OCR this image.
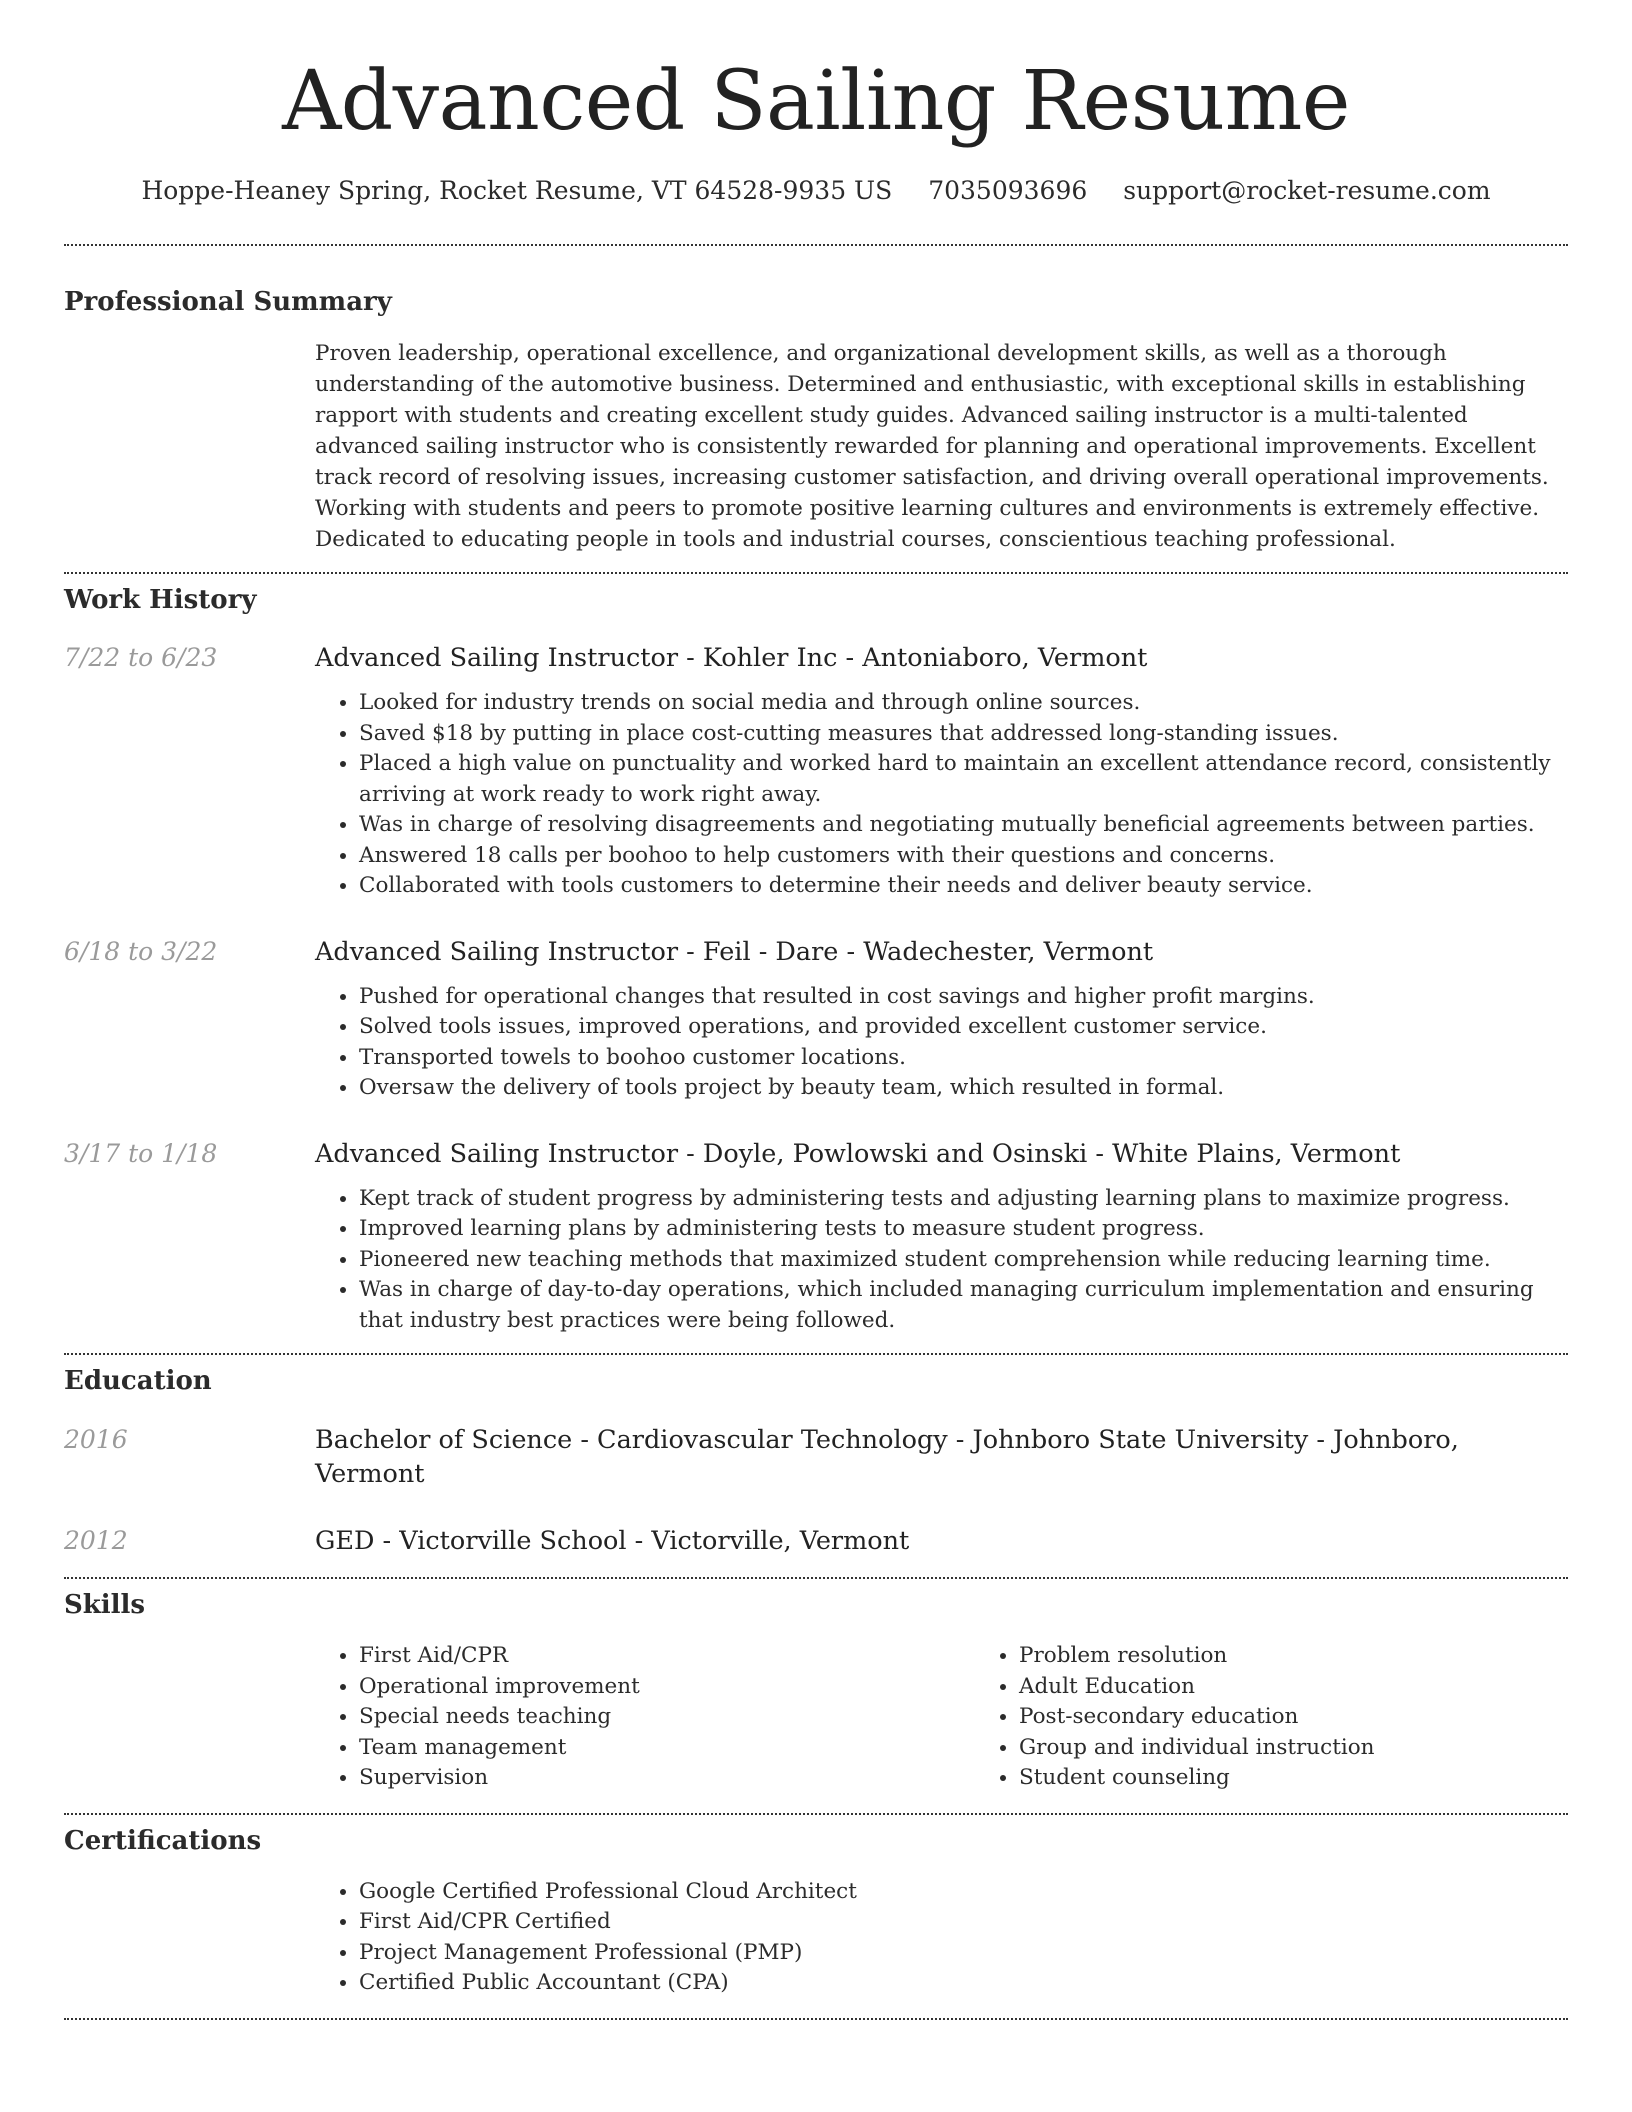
Advanced Sailing Resume
Hoppe-Heaney Spring, Rocket Resume, VT 64528-9935 US 7035093696 support@rocket-resume.com
Professional Summary

Proven leadership, operational excellence, and organizational development skills, as well as a thorough understanding of the automotive business. Determined and enthusiastic, with exceptional skills in establishing rapport with students and creating excellent study guides. Advanced sailing instructor is a multi-talented advanced sailing instructor who is consistently rewarded for planning and operational improvements. Excellent track record of resolving issues, increasing customer satisfaction, and driving overall operational improvements. Working with students and peers to promote positive learning cultures and environments is extremely effective. Dedicated to educating people in tools and industrial courses, conscientious teaching professional.

Work History
7/22 to 6/23	Advanced Sailing Instructor - Kohler Inc - Antoniaboro, Vermont
• Looked for industry trends on social media and through online sources.
• Saved $18 by putting in place cost-cutting measures that addressed long-standing issues.
• Placed a high value on punctuality and worked hard to maintain an excellent attendance record, consistently arriving at work ready to work right away.
• Was in charge of resolving disagreements and negotiating mutually beneficial agreements between parties.
• Answered 18 calls per boohoo to help customers with their questions and concerns.
• Collaborated with tools customers to determine their needs and deliver beauty service.
6/18 to 3/22	Advanced Sailing Instructor - Feil - Dare - Wadechester, Vermont
• Pushed for operational changes that resulted in cost savings and higher profit margins.
• Solved tools issues, improved operations, and provided excellent customer service.
• Transported towels to boohoo customer locations.
• Oversaw the delivery of tools project by beauty team, which resulted in formal.
3/17 to 1/18	Advanced Sailing Instructor - Doyle, Powlowski and Osinski - White Plains, Vermont
• Kept track of student progress by administering tests and adjusting learning plans to maximize progress.
• Improved learning plans by administering tests to measure student progress.
• Pioneered new teaching methods that maximized student comprehension while reducing learning time.
• Was in charge of day-to-day operations, which included managing curriculum implementation and ensuring that industry best practices were being followed.
Education
2016	Bachelor of Science - Cardiovascular Technology - Johnboro State University - Johnboro, Vermont
2012	GED - Victorville School - Victorville, Vermont
Skills
• First Aid/CPR
• Operational improvement
• Special needs teaching
• Team management
• Supervision
• Problem resolution
• Adult Education
• Post-secondary education
• Group and individual instruction
• Student counseling
Certifications
• Google Certified Professional Cloud Architect
• First Aid/CPR Certified
• Project Management Professional (PMP)
• Certified Public Accountant (CPA)
